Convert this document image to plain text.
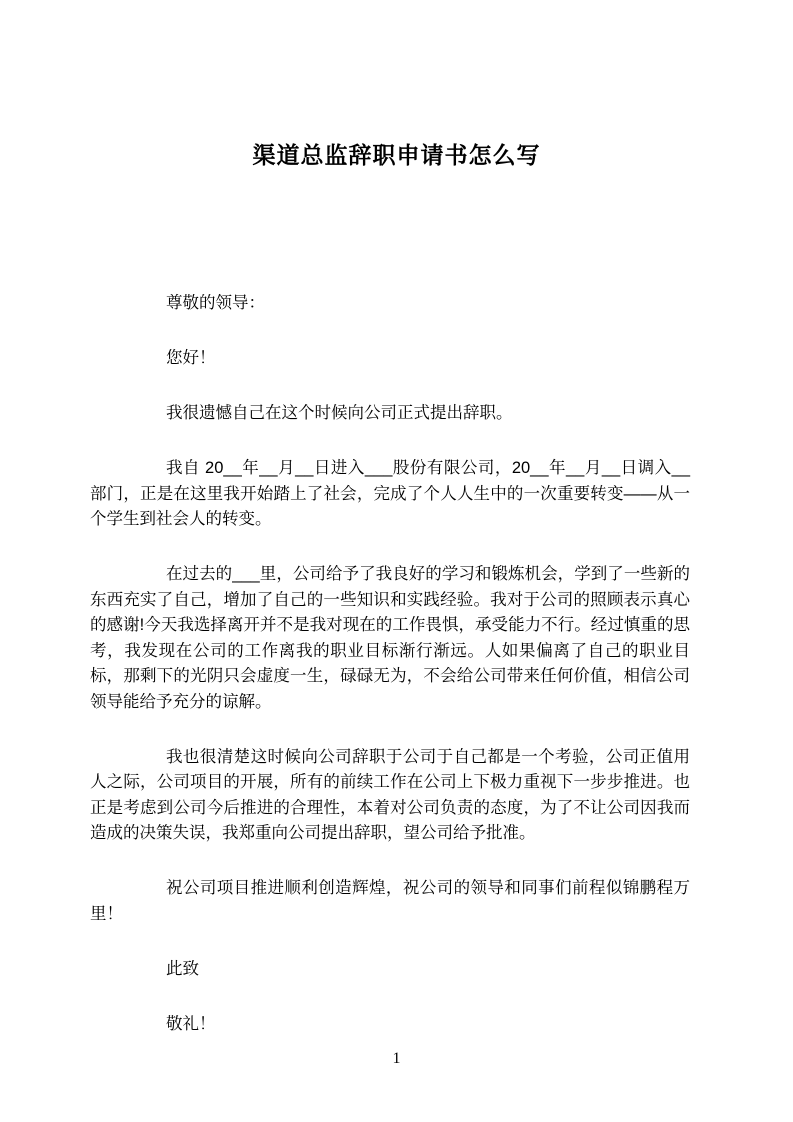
渠道总监辞职申请书怎么写

尊敬的领导：

您好！

我很遗憾自己在这个时候向公司正式提出辞职。

我自 20__年__月__日进入___股份有限公司，20__年__月__日调入__部门，正是在这里我开始踏上了社会，完成了个人人生中的一次重要转变——从一个学生到社会人的转变。

在过去的___里，公司给予了我良好的学习和锻炼机会，学到了一些新的东西充实了自己，增加了自己的一些知识和实践经验。我对于公司的照顾表示真心的感谢!今天我选择离开并不是我对现在的工作畏惧，承受能力不行。经过慎重的思考，我发现在公司的工作离我的职业目标渐行渐远。人如果偏离了自己的职业目标，那剩下的光阴只会虚度一生，碌碌无为，不会给公司带来任何价值，相信公司领导能给予充分的谅解。

我也很清楚这时候向公司辞职于公司于自己都是一个考验，公司正值用人之际，公司项目的开展，所有的前续工作在公司上下极力重视下一步步推进。也正是考虑到公司今后推进的合理性，本着对公司负责的态度，为了不让公司因我而造成的决策失误，我郑重向公司提出辞职，望公司给予批准。

祝公司项目推进顺利创造辉煌，祝公司的领导和同事们前程似锦鹏程万里！

此致

敬礼！

1
